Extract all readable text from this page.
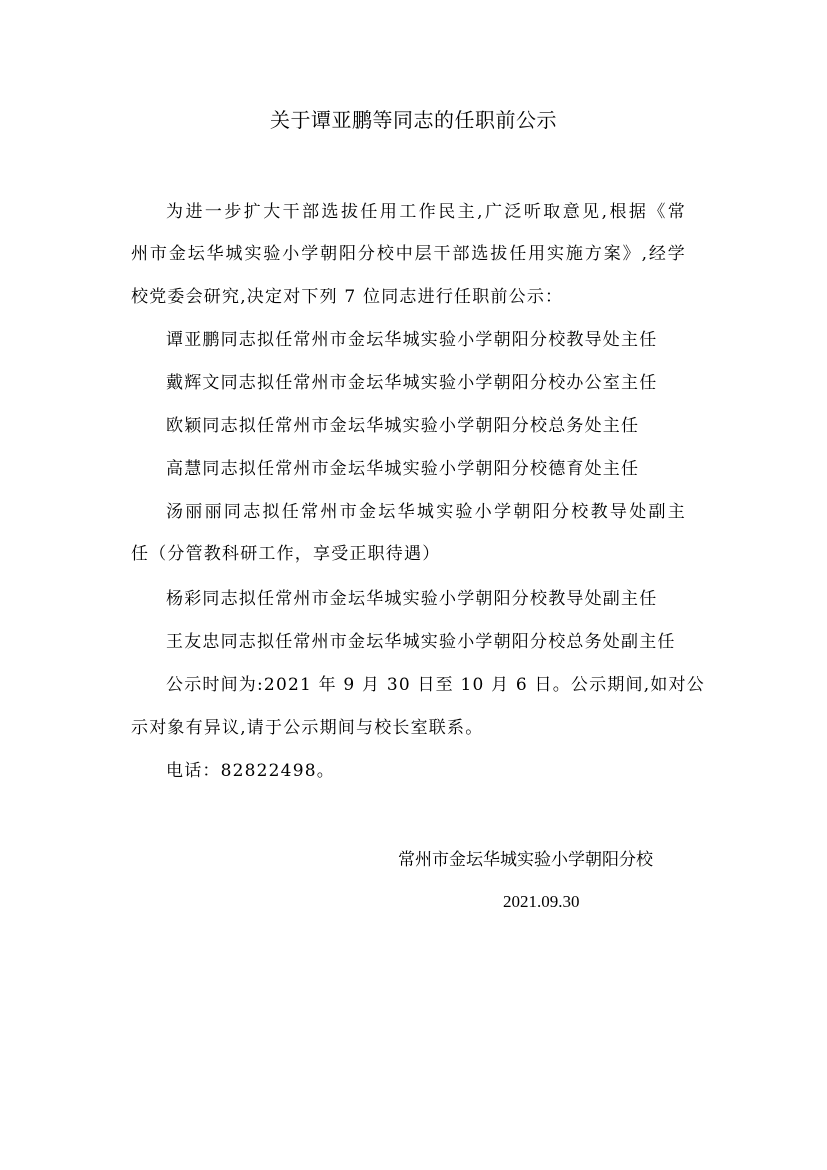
关于谭亚鹏等同志的任职前公示
为进一步扩大干部选拔任用工作民主,广泛听取意见,根据《常
州市金坛华城实验小学朝阳分校中层干部选拔任用实施方案》,经学
校党委会研究,决定对下列 7 位同志进行任职前公示：
谭亚鹏同志拟任常州市金坛华城实验小学朝阳分校教导处主任
戴辉文同志拟任常州市金坛华城实验小学朝阳分校办公室主任
欧颖同志拟任常州市金坛华城实验小学朝阳分校总务处主任
高慧同志拟任常州市金坛华城实验小学朝阳分校德育处主任
汤丽丽同志拟任常州市金坛华城实验小学朝阳分校教导处副主
任（分管教科研工作，享受正职待遇）
杨彩同志拟任常州市金坛华城实验小学朝阳分校教导处副主任
王友忠同志拟任常州市金坛华城实验小学朝阳分校总务处副主任
公示时间为:2021 年 9 月 30 日至 10 月 6 日。公示期间,如对公
示对象有异议,请于公示期间与校长室联系。
电话：82822498。
常州市金坛华城实验小学朝阳分校
2021.09.30
